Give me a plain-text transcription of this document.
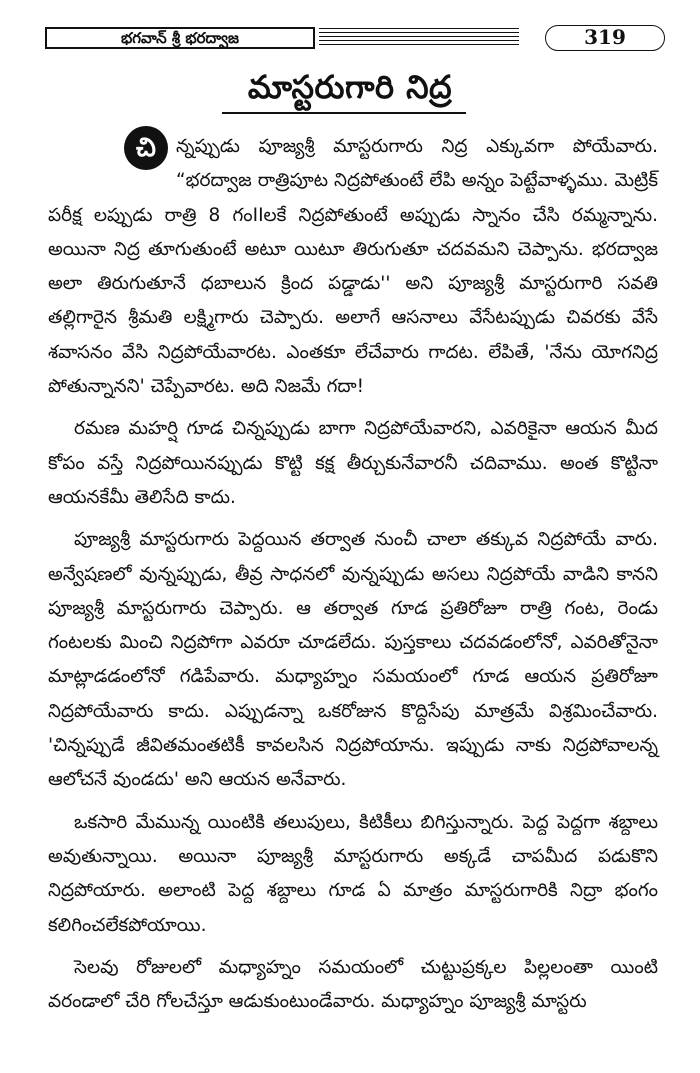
భగవాన్ శ్రీ భరద్వాజ	319
మాస్టరుగారి నిద్ర

చి	న్నప్పుడు పూజ్యశ్రీ మాస్టరుగారు నిద్ర ఎక్కువగా పోయేవారు. “భరద్వాజ రాత్రిపూట నిద్రపోతుంటే లేపి అన్నం పెట్టేవాళ్ళము. మెట్రిక్ పరీక్ష లప్పుడు రాత్రి 8 గంIIలకే నిద్రపోతుంటే అప్పుడు స్నానం చేసి రమ్మన్నాను. అయినా నిద్ర తూగుతుంటే అటూ యిటూ తిరుగుతూ చదవమని చెప్పాను. భరద్వాజ అలా తిరుగుతూనే ధబాలున క్రింద పడ్డాడు'' అని పూజ్యశ్రీ మాస్టరుగారి సవతి తల్లిగారైన శ్రీమతి లక్ష్మిగారు చెప్పారు. అలాగే ఆసనాలు వేసేటప్పుడు చివరకు వేసే శవాసనం వేసి నిద్రపోయేవారట. ఎంతకూ లేచేవారు గాదట. లేపితే, 'నేను యోగనిద్ర పోతున్నానని' చెప్పేవారట. అది నిజమే గదా!

రమణ మహర్షి గూడ చిన్నప్పుడు బాగా నిద్రపోయేవారని, ఎవరికైనా ఆయన మీద కోపం వస్తే నిద్రపోయినప్పుడు కొట్టి కక్ష తీర్చుకునేవారనీ చదివాము. అంత కొట్టినా ఆయనకేమీ తెలిసేది కాదు.

పూజ్యశ్రీ మాస్టరుగారు పెద్దయిన తర్వాత నుంచీ చాలా తక్కువ నిద్రపోయే వారు. అన్వేషణలో వున్నప్పుడు, తీవ్ర సాధనలో వున్నప్పుడు అసలు నిద్రపోయే వాడిని కానని పూజ్యశ్రీ మాస్టరుగారు చెప్పారు. ఆ తర్వాత గూడ ప్రతిరోజూ రాత్రి గంట, రెండు గంటలకు మించి నిద్రపోగా ఎవరూ చూడలేదు. పుస్తకాలు చదవడంలోనో, ఎవరితోనైనా మాట్లాడడంలోనో గడిపేవారు. మధ్యాహ్నం సమయంలో గూడ ఆయన ప్రతిరోజూ నిద్రపోయేవారు కాదు. ఎప్పుడన్నా ఒకరోజున కొద్దిసేపు మాత్రమే విశ్రమించేవారు. 'చిన్నప్పుడే జీవితమంతటికీ కావలసిన నిద్రపోయాను. ఇప్పుడు నాకు నిద్రపోవాలన్న ఆలోచనే వుండదు' అని ఆయన అనేవారు.

ఒకసారి మేమున్న యింటికి తలుపులు, కిటికీలు బిగిస్తున్నారు. పెద్ద పెద్దగా శబ్దాలు అవుతున్నాయి. అయినా పూజ్యశ్రీ మాస్టరుగారు అక్కడే చాపమీద పడుకొని నిద్రపోయారు. అలాంటి పెద్ద శబ్దాలు గూడ ఏ మాత్రం మాస్టరుగారికి నిద్రా భంగం కలిగించలేకపోయాయి.

సెలవు రోజులలో మధ్యాహ్నం సమయంలో చుట్టుప్రక్కల పిల్లలంతా యింటి వరండాలో చేరి గోలచేస్తూ ఆడుకుంటుండేవారు. మధ్యాహ్నం పూజ్యశ్రీ మాస్టరు
